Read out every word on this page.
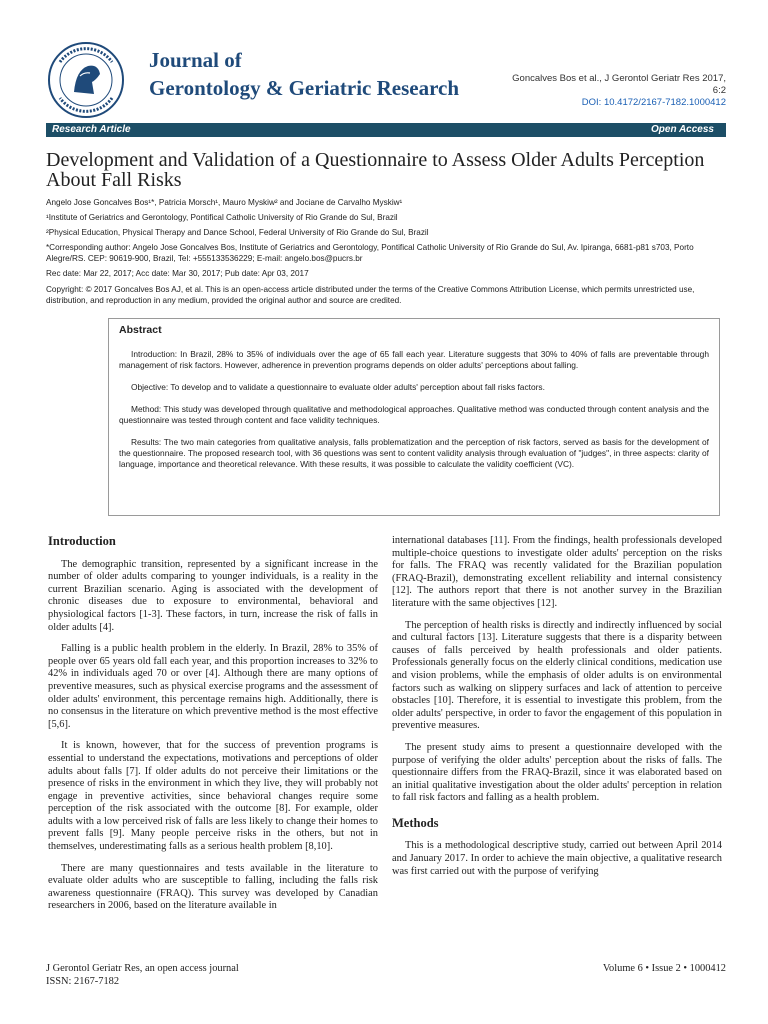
Journal of
Gerontology & Geriatric Research	Goncalves Bos et al., J Gerontol Geriatr Res 2017,
6:2
DOI: 10.4172/2167-7182.1000412
Research Article	Open Access
Development and Validation of a Questionnaire to Assess Older Adults Perception About Fall Risks
Angelo Jose Goncalves Bos¹*, Patricia Morsch¹, Mauro Myskiw² and Jociane de Carvalho Myskiw¹
¹Institute of Geriatrics and Gerontology, Pontifical Catholic University of Rio Grande do Sul, Brazil
²Physical Education, Physical Therapy and Dance School, Federal University of Rio Grande do Sul, Brazil
*Corresponding author: Angelo Jose Goncalves Bos, Institute of Geriatrics and Gerontology, Pontifical Catholic University of Rio Grande do Sul, Av. Ipiranga, 6681-p81 s703, Porto Alegre/RS. CEP: 90619-900, Brazil, Tel: +555133536229; E-mail: angelo.bos@pucrs.br
Rec date: Mar 22, 2017; Acc date: Mar 30, 2017; Pub date: Apr 03, 2017
Copyright: © 2017 Goncalves Bos AJ, et al. This is an open-access article distributed under the terms of the Creative Commons Attribution License, which permits unrestricted use, distribution, and reproduction in any medium, provided the original author and source are credited.
Abstract

Introduction: In Brazil, 28% to 35% of individuals over the age of 65 fall each year. Literature suggests that 30% to 40% of falls are preventable through management of risk factors. However, adherence in prevention programs depends on older adults' perceptions about falling.

Objective: To develop and to validate a questionnaire to evaluate older adults' perception about fall risks factors.

Method: This study was developed through qualitative and methodological approaches. Qualitative method was conducted through content analysis and the questionnaire was tested through content and face validity techniques.

Results: The two main categories from qualitative analysis, falls problematization and the perception of risk factors, served as basis for the development of the questionnaire. The proposed research tool, with 36 questions was sent to content validity analysis through evaluation of "judges", in three aspects: clarity of language, importance and theoretical relevance. With these results, it was possible to calculate the validity coefficient (VC).

Introduction

The demographic transition, represented by a significant increase in the number of older adults comparing to younger individuals, is a reality in the current Brazilian scenario. Aging is associated with the development of chronic diseases due to exposure to environmental, behavioral and physiological factors [1-3]. These factors, in turn, increase the risk of falls in older adults [4].

Falling is a public health problem in the elderly. In Brazil, 28% to 35% of people over 65 years old fall each year, and this proportion increases to 32% to 42% in individuals aged 70 or over [4]. Although there are many options of preventive measures, such as physical exercise programs and the assessment of older adults' environment, this percentage remains high. Additionally, there is no consensus in the literature on which preventive method is the most effective [5,6].

It is known, however, that for the success of prevention programs is essential to understand the expectations, motivations and perceptions of older adults about falls [7]. If older adults do not perceive their limitations or the presence of risks in the environment in which they live, they will probably not engage in preventive activities, since behavioral changes require some perception of the risk associated with the outcome [8]. For example, older adults with a low perceived risk of falls are less likely to change their homes to prevent falls [9]. Many people perceive risks in the others, but not in themselves, underestimating falls as a serious health problem [8,10].

There are many questionnaires and tests available in the literature to evaluate older adults who are susceptible to falling, including the falls risk awareness questionnaire (FRAQ). This survey was developed by Canadian researchers in 2006, based on the literature available in

international databases [11]. From the findings, health professionals developed multiple-choice questions to investigate older adults' perception on the risks for falls. The FRAQ was recently validated for the Brazilian population (FRAQ-Brazil), demonstrating excellent reliability and internal consistency [12]. The authors report that there is not another survey in the Brazilian literature with the same objectives [12].

The perception of health risks is directly and indirectly influenced by social and cultural factors [13]. Literature suggests that there is a disparity between causes of falls perceived by health professionals and older patients. Professionals generally focus on the elderly clinical conditions, medication use and vision problems, while the emphasis of older adults is on environmental factors such as walking on slippery surfaces and lack of attention to perceive obstacles [10]. Therefore, it is essential to investigate this problem, from the older adults' perspective, in order to favor the engagement of this population in preventive measures.

The present study aims to present a questionnaire developed with the purpose of verifying the older adults' perception about the risks of falls. The questionnaire differs from the FRAQ-Brazil, since it was elaborated based on an initial qualitative investigation about the older adults' perception in relation to fall risk factors and falling as a health problem.

Methods

This is a methodological descriptive study, carried out between April 2014 and January 2017. In order to achieve the main objective, a qualitative research was first carried out with the purpose of verifying

J Gerontol Geriatr Res, an open access journal
ISSN: 2167-7182
Volume 6 • Issue 2 • 1000412
